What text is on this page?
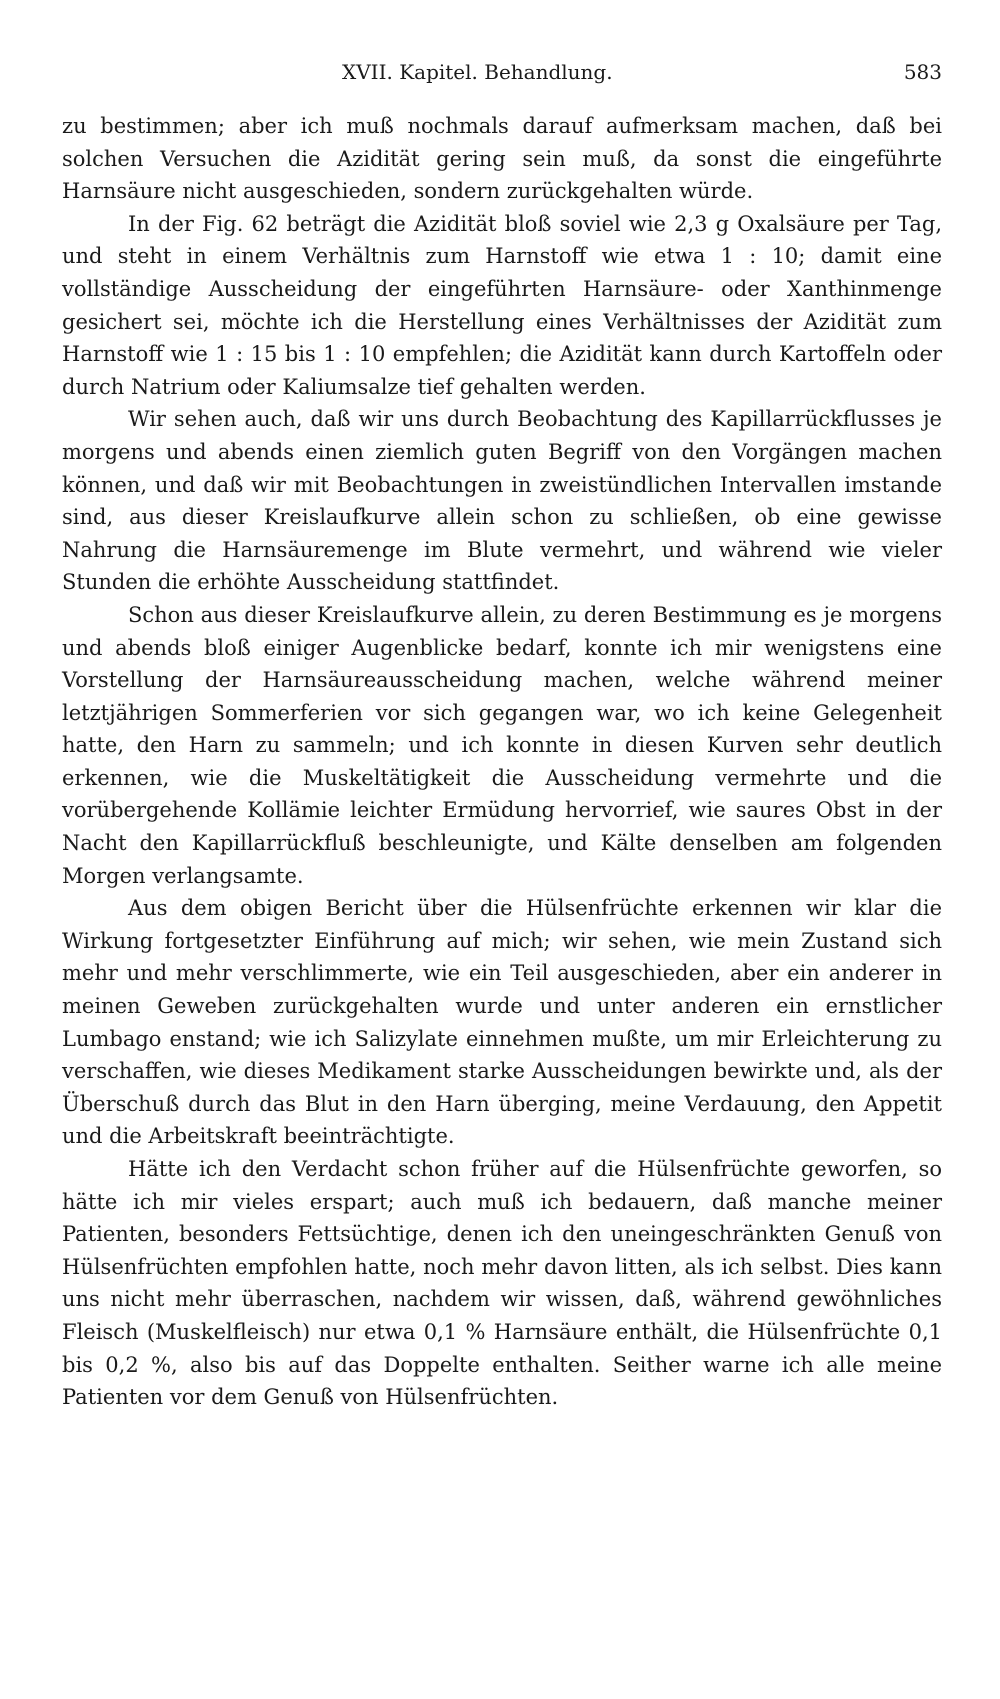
XVII. Kapitel. Behandlung.	583

zu bestimmen; aber ich muß nochmals darauf aufmerksam machen, daß bei solchen Versuchen die Azidität gering sein muß, da sonst die eingeführte Harnsäure nicht ausgeschieden, sondern zurückgehalten würde.

In der Fig. 62 beträgt die Azidität bloß soviel wie 2,3 g Oxalsäure per Tag, und steht in einem Verhältnis zum Harnstoff wie etwa 1 : 10; damit eine vollständige Ausscheidung der eingeführten Harnsäure- oder Xanthinmenge gesichert sei, möchte ich die Herstellung eines Verhältnisses der Azidität zum Harnstoff wie 1 : 15 bis 1 : 10 empfehlen; die Azidität kann durch Kartoffeln oder durch Natrium oder Kaliumsalze tief gehalten werden.

Wir sehen auch, daß wir uns durch Beobachtung des Kapillarrückflusses je morgens und abends einen ziemlich guten Begriff von den Vorgängen machen können, und daß wir mit Beobachtungen in zweistündlichen Intervallen imstande sind, aus dieser Kreislaufkurve allein schon zu schließen, ob eine gewisse Nahrung die Harnsäuremenge im Blute vermehrt, und während wie vieler Stunden die erhöhte Ausscheidung stattfindet.

Schon aus dieser Kreislaufkurve allein, zu deren Bestimmung es je morgens und abends bloß einiger Augenblicke bedarf, konnte ich mir wenigstens eine Vorstellung der Harnsäureausscheidung machen, welche während meiner letztjährigen Sommerferien vor sich gegangen war, wo ich keine Gelegenheit hatte, den Harn zu sammeln; und ich konnte in diesen Kurven sehr deutlich erkennen, wie die Muskeltätigkeit die Ausscheidung vermehrte und die vorübergehende Kollämie leichter Ermüdung hervorrief, wie saures Obst in der Nacht den Kapillarrückfluß beschleunigte, und Kälte denselben am folgenden Morgen verlangsamte.

Aus dem obigen Bericht über die Hülsenfrüchte erkennen wir klar die Wirkung fortgesetzter Einführung auf mich; wir sehen, wie mein Zustand sich mehr und mehr verschlimmerte, wie ein Teil ausgeschieden, aber ein anderer in meinen Geweben zurückgehalten wurde und unter anderen ein ernstlicher Lumbago enstand; wie ich Salizylate einnehmen mußte, um mir Erleichterung zu verschaffen, wie dieses Medikament starke Ausscheidungen bewirkte und, als der Überschuß durch das Blut in den Harn überging, meine Verdauung, den Appetit und die Arbeitskraft beeinträchtigte.

Hätte ich den Verdacht schon früher auf die Hülsenfrüchte geworfen, so hätte ich mir vieles erspart; auch muß ich bedauern, daß manche meiner Patienten, besonders Fettsüchtige, denen ich den uneingeschränkten Genuß von Hülsenfrüchten empfohlen hatte, noch mehr davon litten, als ich selbst. Dies kann uns nicht mehr überraschen, nachdem wir wissen, daß, während gewöhnliches Fleisch (Muskelfleisch) nur etwa 0,1 % Harnsäure enthält, die Hülsenfrüchte 0,1 bis 0,2 %, also bis auf das Doppelte enthalten. Seither warne ich alle meine Patienten vor dem Genuß von Hülsenfrüchten.
